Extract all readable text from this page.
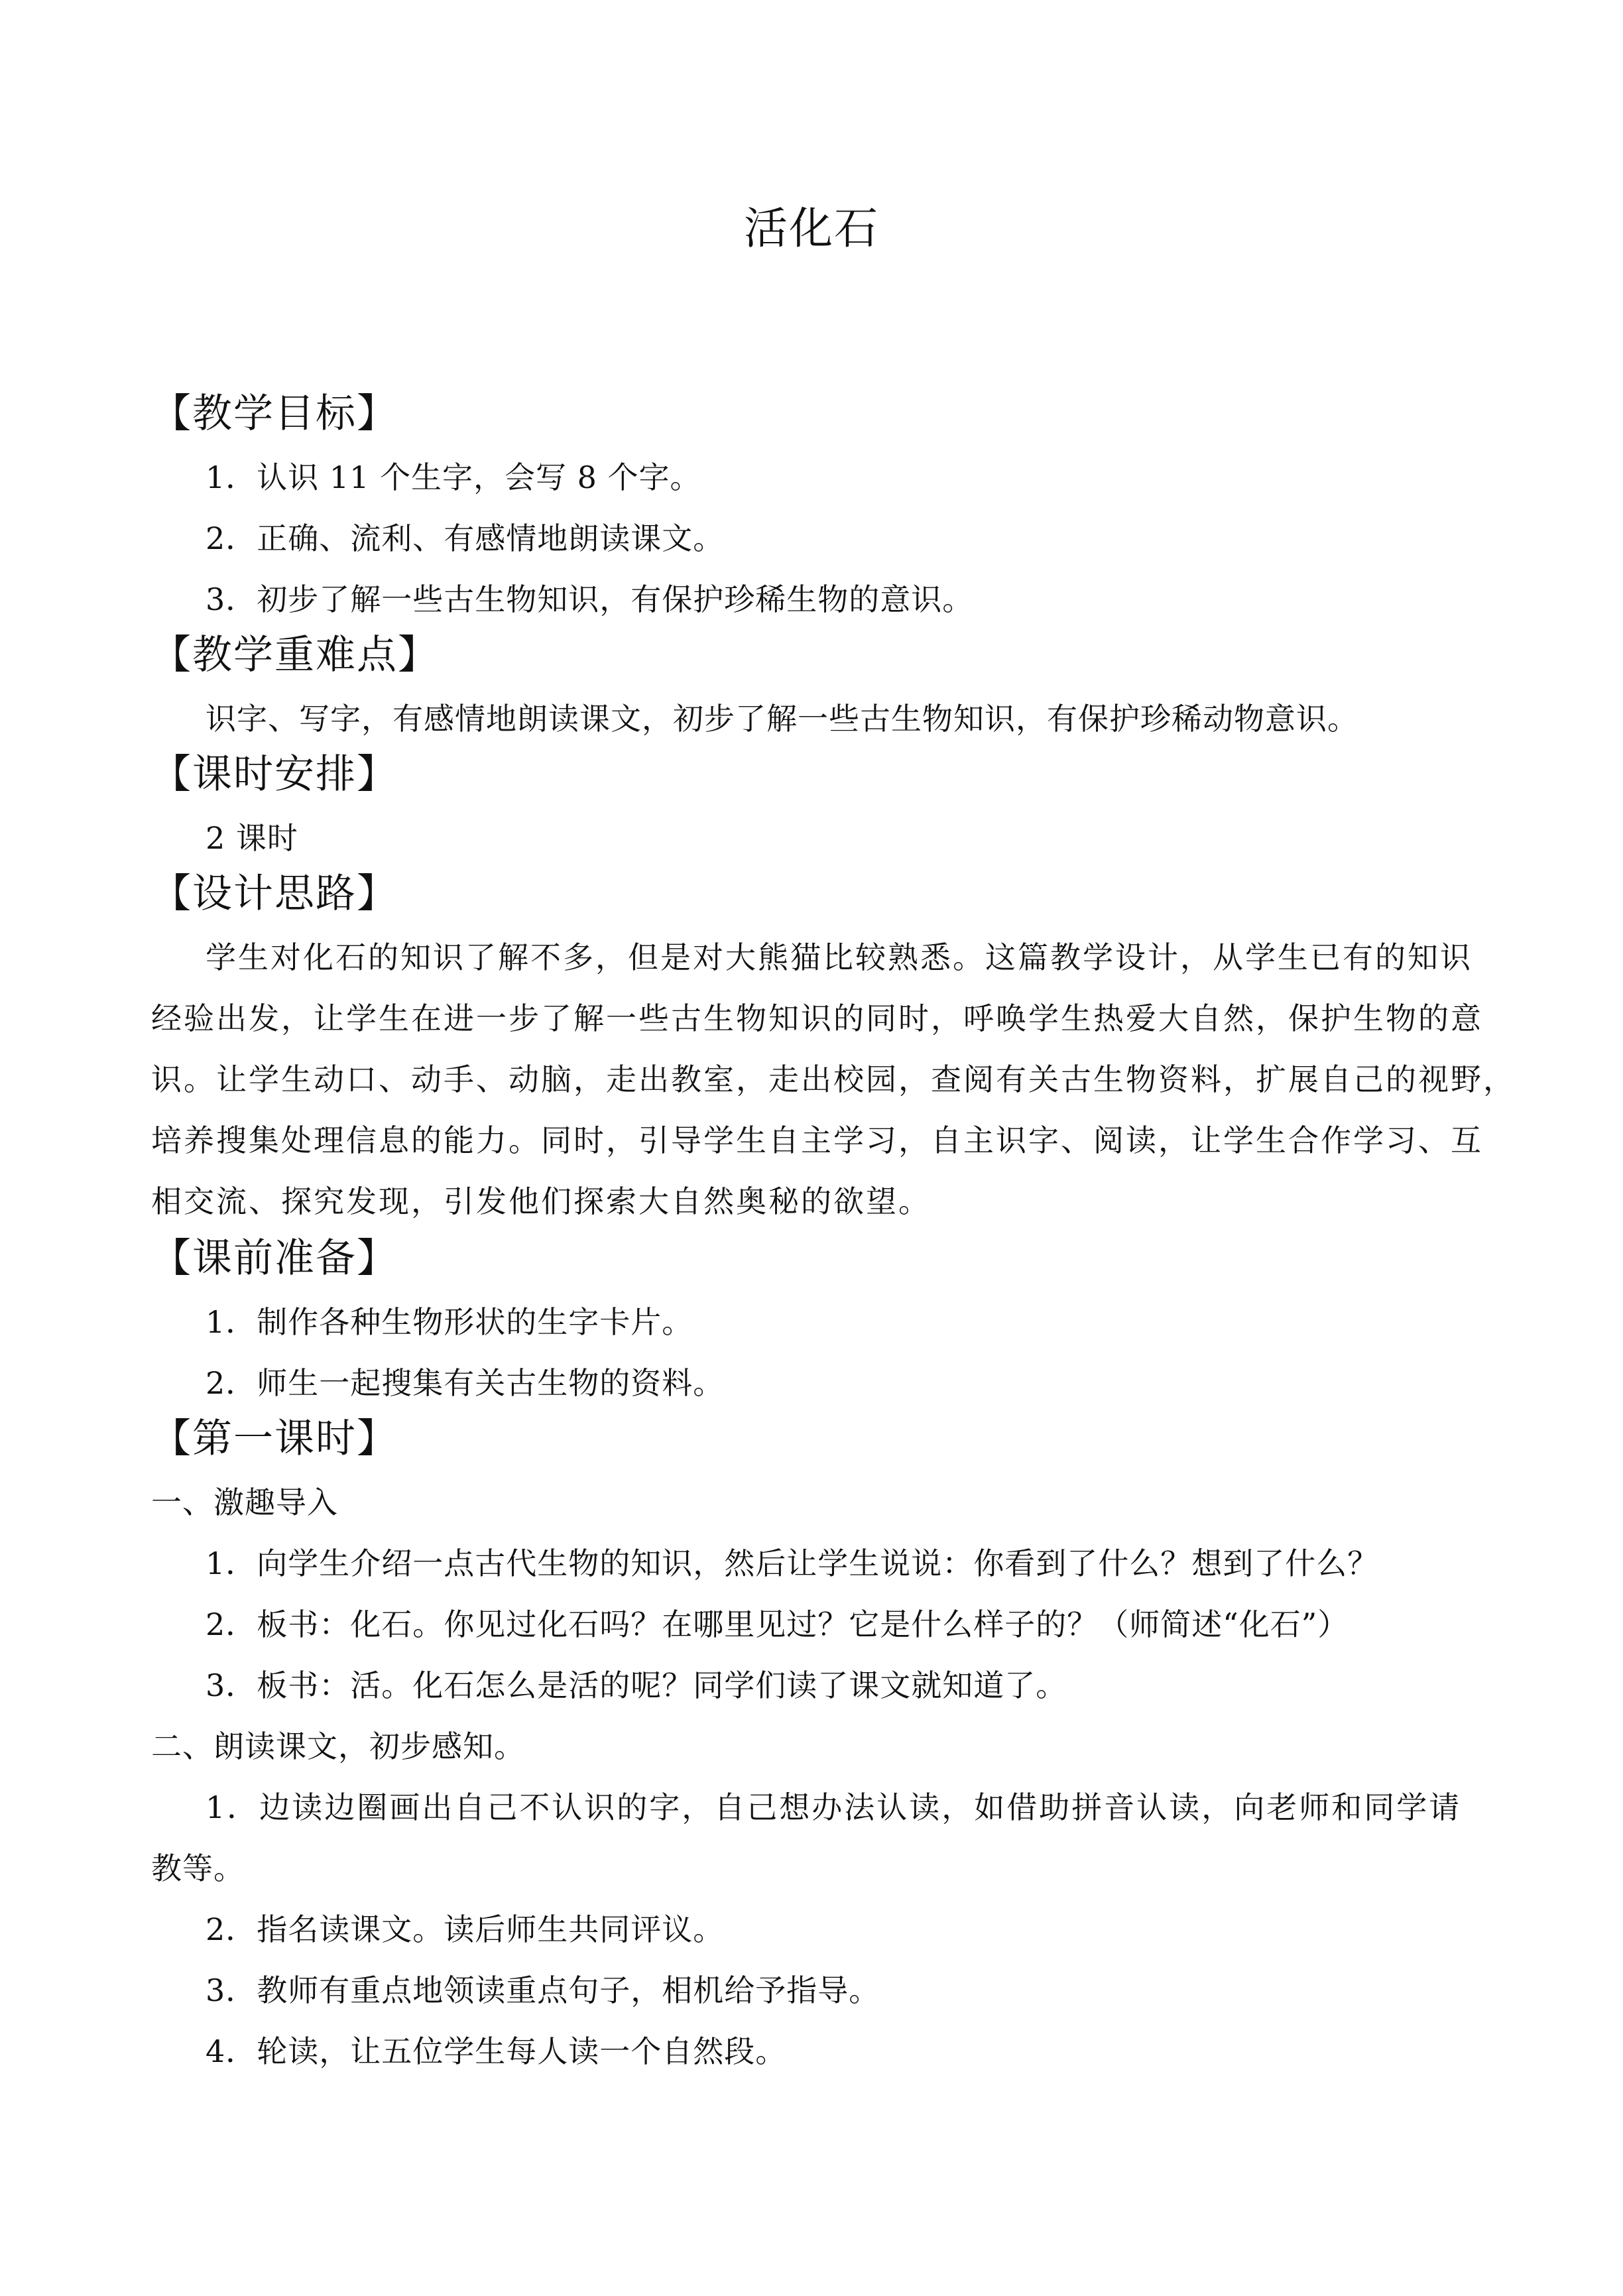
活化石
【教学目标】
1．认识 11 个生字，会写 8 个字。
2．正确、流利、有感情地朗读课文。
3．初步了解一些古生物知识，有保护珍稀生物的意识。
【教学重难点】
识字、写字，有感情地朗读课文，初步了解一些古生物知识，有保护珍稀动物意识。
【课时安排】
2 课时
【设计思路】
学生对化石的知识了解不多，但是对大熊猫比较熟悉。这篇教学设计，从学生已有的知识
经验出发，让学生在进一步了解一些古生物知识的同时，呼唤学生热爱大自然，保护生物的意
识。让学生动口、动手、动脑，走出教室，走出校园，查阅有关古生物资料，扩展自己的视野，
培养搜集处理信息的能力。同时，引导学生自主学习，自主识字、阅读，让学生合作学习、互
相交流、探究发现，引发他们探索大自然奥秘的欲望。
【课前准备】
1．制作各种生物形状的生字卡片。
2．师生一起搜集有关古生物的资料。
【第一课时】
一、激趣导入
1．向学生介绍一点古代生物的知识，然后让学生说说：你看到了什么？想到了什么？
2．板书：化石。你见过化石吗？在哪里见过？它是什么样子的？（师简述“化石”）
3．板书：活。化石怎么是活的呢？同学们读了课文就知道了。
二、朗读课文，初步感知。
1．边读边圈画出自己不认识的字，自己想办法认读，如借助拼音认读，向老师和同学请
教等。
2．指名读课文。读后师生共同评议。
3．教师有重点地领读重点句子，相机给予指导。
4．轮读，让五位学生每人读一个自然段。
